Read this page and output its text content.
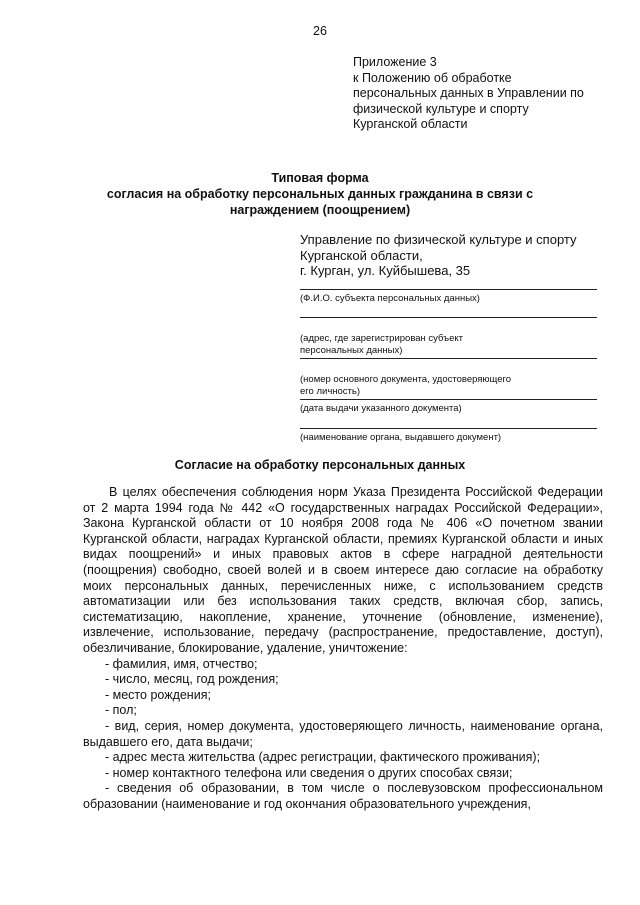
26
Приложение 3
к Положению об обработке
персональных данных в Управлении по
физической культуре и спорту
Курганской области
Типовая форма
согласия на обработку персональных данных гражданина в связи с
награждением (поощрением)
Управление по физической культуре и спорту
Курганской области,
г. Курган, ул. Куйбышева, 35
(Ф.И.О. субъекта персональных данных)

(адрес, где зарегистрирован субъект
персональных данных)

(номер основного документа, удостоверяющего
его личность)

(дата выдачи указанного документа)
(наименование органа, выдавшего документ)
Согласие на обработку персональных данных

В целях обеспечения соблюдения норм Указа Президента Российской Федерации от 2 марта 1994 года № 442 «О государственных наградах Российской Федерации», Закона Курганской области от 10 ноября 2008 года № 406 «О почетном звании Курганской области, наградах Курганской области, премиях Курганской области и иных видах поощрений» и иных правовых актов в сфере наградной деятельности (поощрения) свободно, своей волей и в своем интересе даю согласие на обработку моих персональных данных, перечисленных ниже, с использованием средств автоматизации или без использования таких средств, включая сбор, запись, систематизацию, накопление, хранение, уточнение (обновление, изменение), извлечение, использование, передачу (распространение, предоставление, доступ), обезличивание, блокирование, удаление, уничтожение:

- фамилия, имя, отчество;

- число, месяц, год рождения;

- место рождения;

- пол;

- вид, серия, номер документа, удостоверяющего личность, наименование органа, выдавшего его, дата выдачи;

- адрес места жительства (адрес регистрации, фактического проживания);

- номер контактного телефона или сведения о других способах связи;

- сведения об образовании, в том числе о послевузовском профессиональном образовании (наименование и год окончания образовательного учреждения,
